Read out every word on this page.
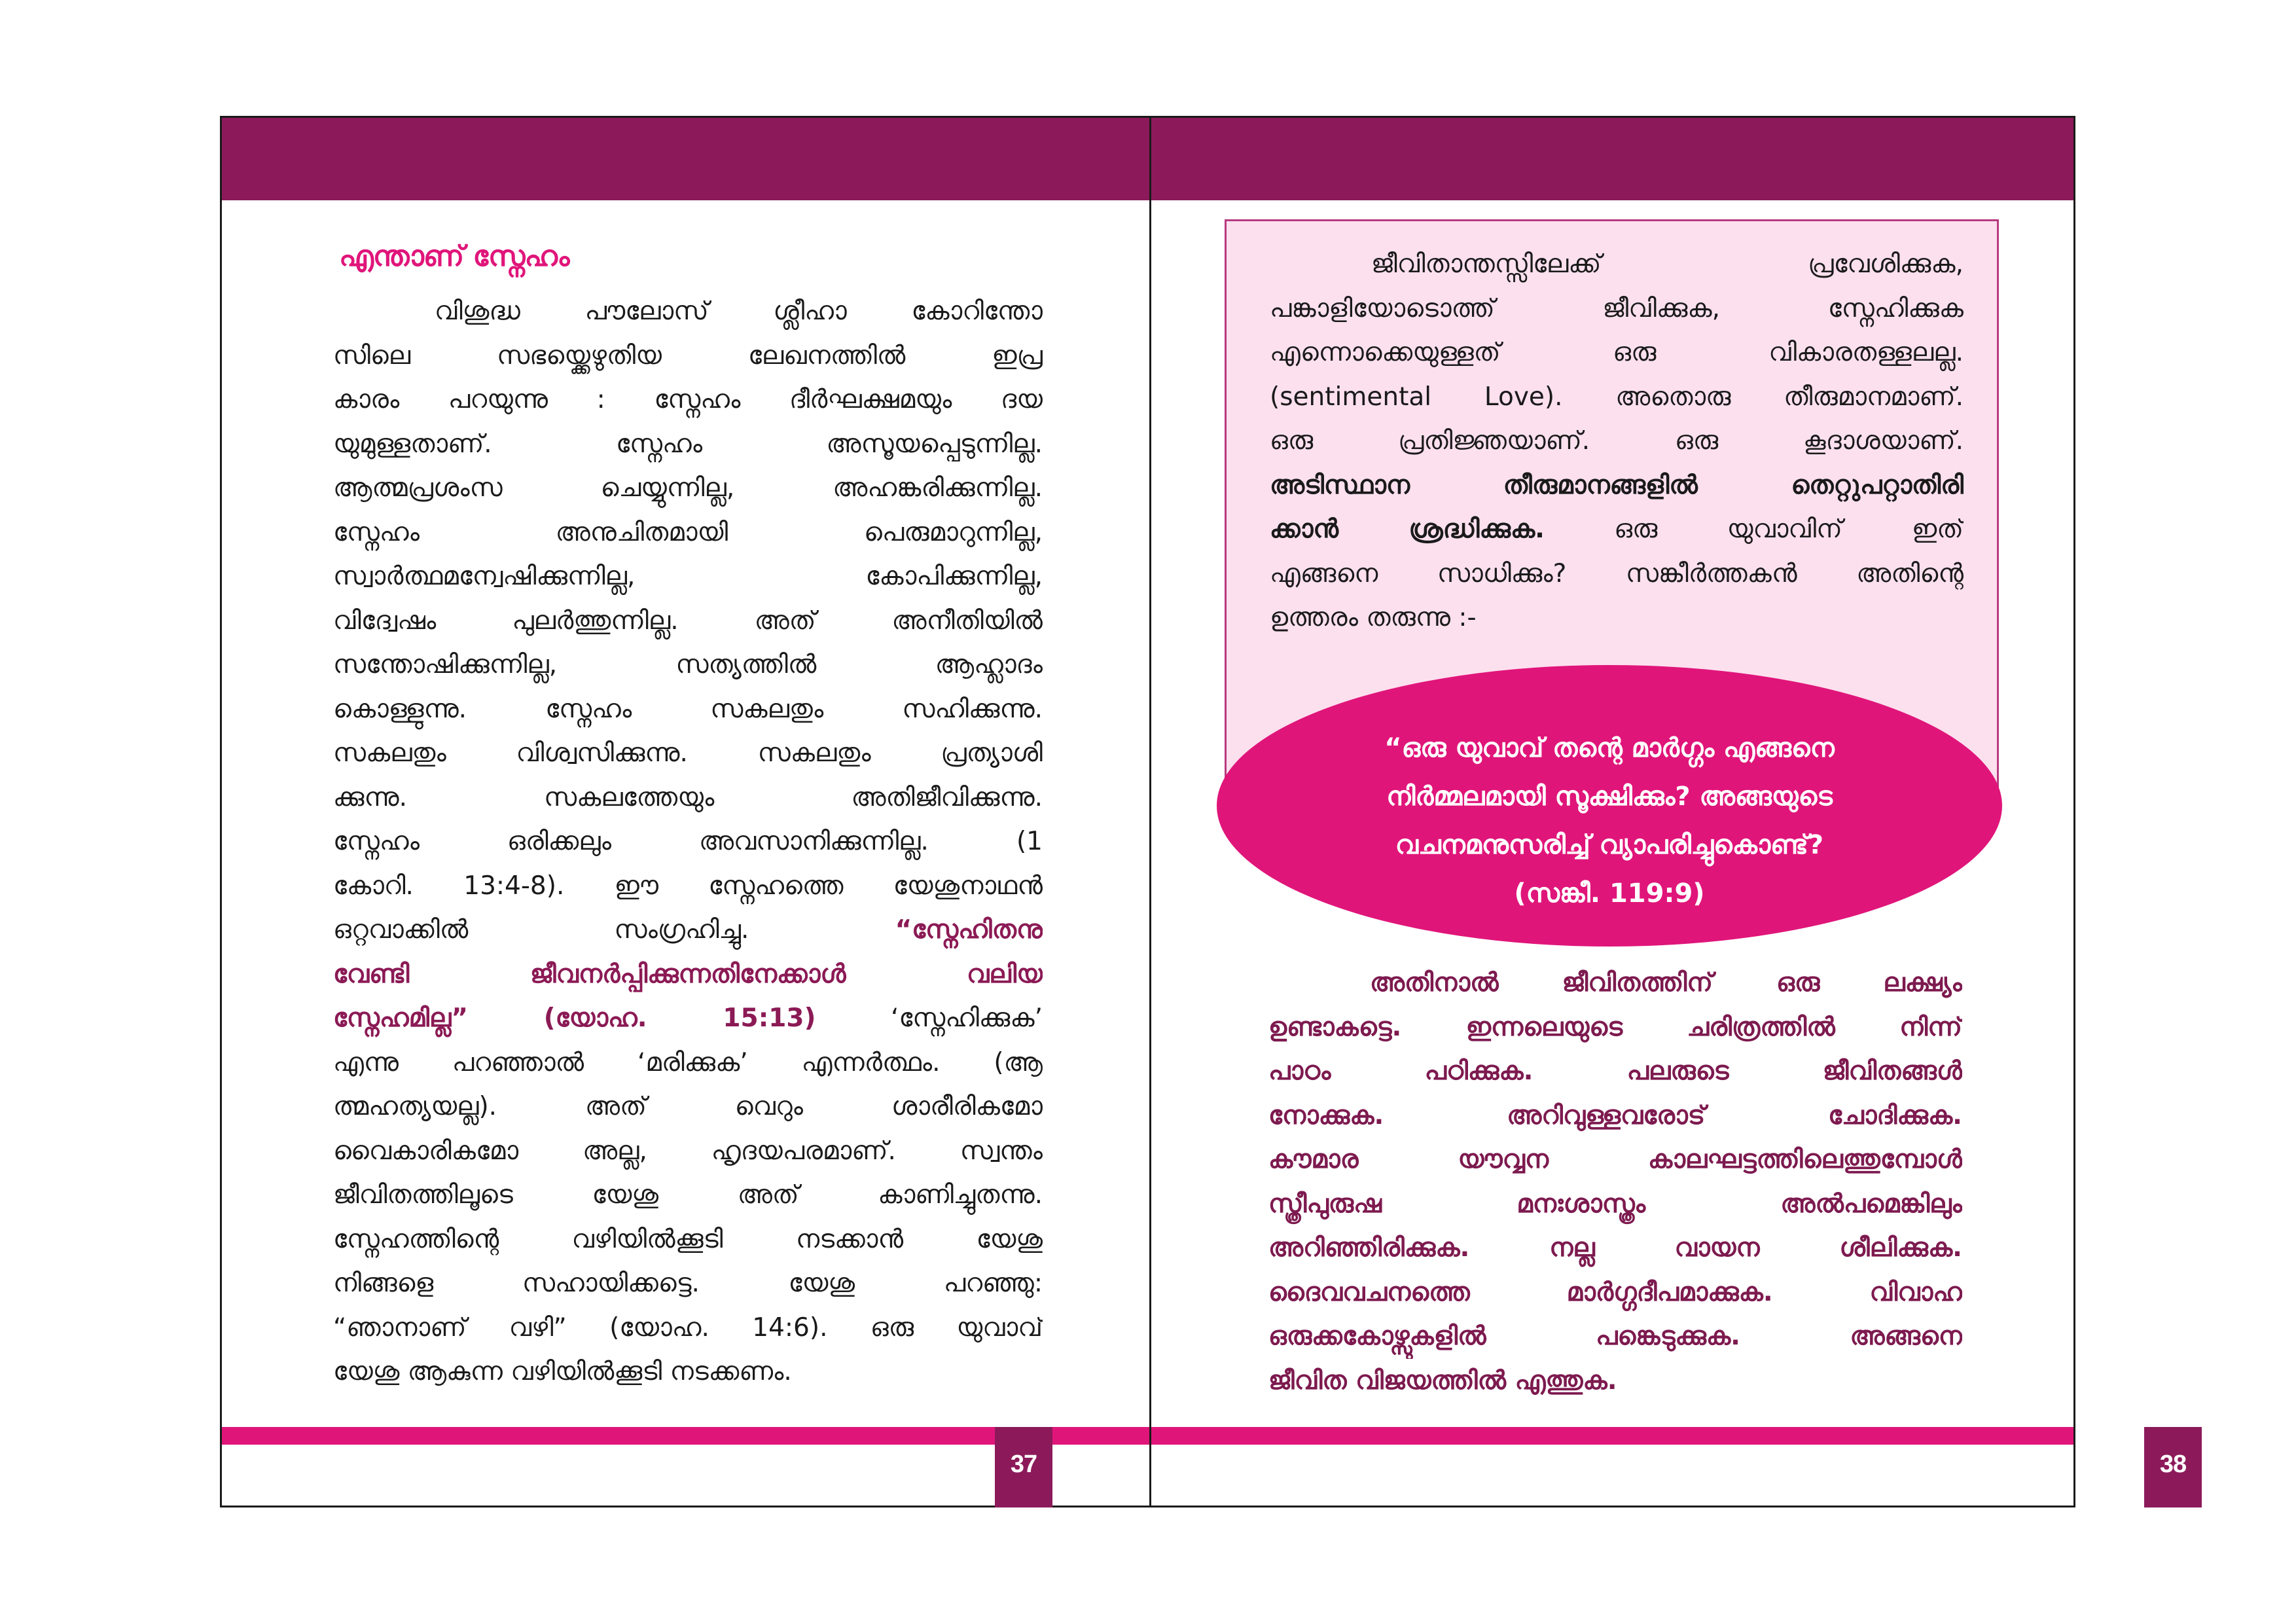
എന്താണ് സ്നേഹം
വിശുദ്ധ പൗലോസ് ശ്ലീഹാ കോറിന്തോ
സിലെ സഭയ്ക്കെഴുതിയ ലേഖനത്തിൽ ഇപ്ര
കാരം പറയുന്നു : സ്നേഹം ദീർഘക്ഷമയും ദയ
യുമുള്ളതാണ്. സ്നേഹം അസൂയപ്പെടുന്നില്ല.
ആത്മപ്രശംസ ചെയ്യുന്നില്ല, അഹങ്കരിക്കുന്നില്ല.
സ്നേഹം അനുചിതമായി പെരുമാറുന്നില്ല,
സ്വാർത്ഥമന്വേഷിക്കുന്നില്ല, കോപിക്കുന്നില്ല,
വിദ്വേഷം പുലർത്തുന്നില്ല. അത് അനീതിയിൽ
സന്തോഷിക്കുന്നില്ല, സത്യത്തിൽ ആഹ്ലാദം
കൊള്ളുന്നു. സ്നേഹം സകലതും സഹിക്കുന്നു.
സകലതും വിശ്വസിക്കുന്നു. സകലതും പ്രത്യാശി
ക്കുന്നു. സകലത്തേയും അതിജീവിക്കുന്നു.
സ്നേഹം ഒരിക്കലും അവസാനിക്കുന്നില്ല. (1
കോറി. 13:4-8). ഈ സ്നേഹത്തെ യേശുനാഥൻ
ഒറ്റവാക്കിൽ സംഗ്രഹിച്ചു.	“സ്നേഹിതനു
വേണ്ടി ജീവനർപ്പിക്കുന്നതിനേക്കാൾ വലിയ
സ്നേഹമില്ല” (യോഹ. 15:13)	‘സ്നേഹിക്കുക’
എന്നു പറഞ്ഞാൽ ‘മരിക്കുക’ എന്നർത്ഥം. (ആ
ത്മഹത്യയല്ല). അത് വെറും ശാരീരികമോ
വൈകാരികമോ അല്ല, ഹൃദയപരമാണ്. സ്വന്തം
ജീവിതത്തിലൂടെ യേശു അത് കാണിച്ചുതന്നു.
സ്നേഹത്തിന്റെ വഴിയിൽക്കൂടി നടക്കാൻ യേശു
നിങ്ങളെ സഹായിക്കട്ടെ. യേശു പറഞ്ഞു:
“ഞാനാണ് വഴി” (യോഹ. 14:6). ഒരു യുവാവ്
യേശു ആകുന്ന വഴിയിൽക്കൂടി നടക്കണം.
37
ജീവിതാന്തസ്സിലേക്ക് പ്രവേശിക്കുക,
പങ്കാളിയോടൊത്ത് ജീവിക്കുക, സ്നേഹിക്കുക
എന്നൊക്കെയുള്ളത് ഒരു വികാരതള്ളലല്ല.
(sentimental Love). അതൊരു തീരുമാനമാണ്.
ഒരു പ്രതിജ്ഞയാണ്. ഒരു കൂദാശയാണ്.
അടിസ്ഥാന തീരുമാനങ്ങളിൽ തെറ്റുപറ്റാതിരി
ക്കാൻ ശ്രദ്ധിക്കുക.	ഒരു യുവാവിന് ഇത്
എങ്ങനെ സാധിക്കും? സങ്കീർത്തകൻ അതിന്റെ
ഉത്തരം തരുന്നു :-
“ഒരു യുവാവ് തന്റെ മാർഗ്ഗം എങ്ങനെ
നിർമ്മലമായി സൂക്ഷിക്കും? അങ്ങയുടെ
വചനമനുസരിച്ച് വ്യാപരിച്ചുകൊണ്ട്?
(സങ്കീ. 119:9)
അതിനാൽ ജീവിതത്തിന് ഒരു ലക്ഷ്യം
ഉണ്ടാകട്ടെ. ഇന്നലെയുടെ ചരിത്രത്തിൽ നിന്ന്
പാഠം പഠിക്കുക. പലരുടെ ജീവിതങ്ങൾ
നോക്കുക. അറിവുള്ളവരോട് ചോദിക്കുക.
കൗമാര യൗവ്വന കാലഘട്ടത്തിലെത്തുമ്പോൾ
സ്ത്രീപുരുഷ മനഃശാസ്ത്രം അൽപമെങ്കിലും
അറിഞ്ഞിരിക്കുക. നല്ല വായന ശീലിക്കുക.
ദൈവവചനത്തെ മാർഗ്ഗദീപമാക്കുക. വിവാഹ
ഒരുക്കകോഴ്സുകളിൽ പങ്കെടുക്കുക. അങ്ങനെ
ജീവിത വിജയത്തിൽ എത്തുക.
38
